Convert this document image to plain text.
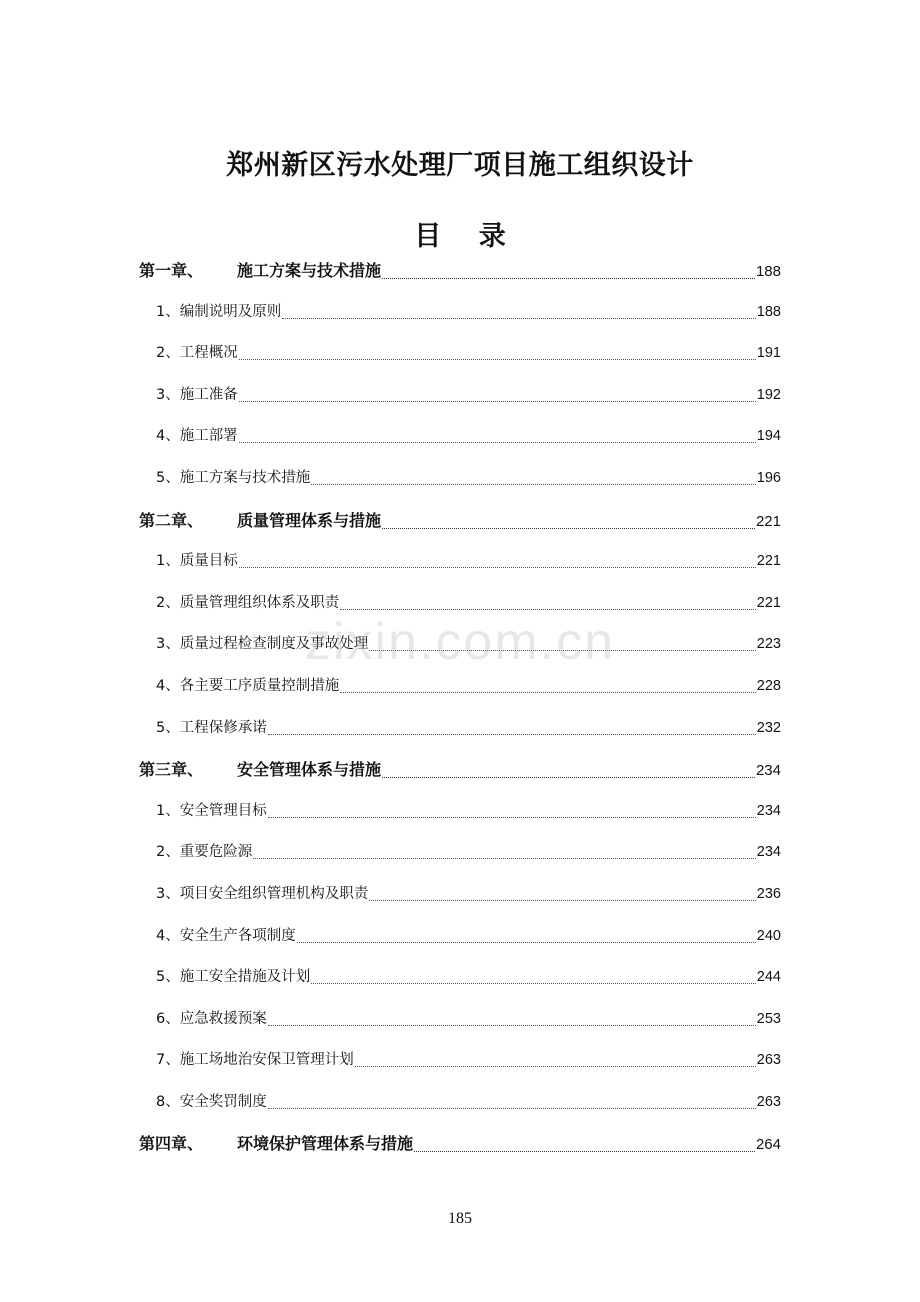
郑州新区污水处理厂项目施工组织设计
目 录
第一章、	施工方案与技术措施	188
1、编制说明及原则	188
2、工程概况	191
3、施工准备	192
4、施工部署	194
5、施工方案与技术措施	196
第二章、	质量管理体系与措施	221
1、质量目标	221
2、质量管理组织体系及职责	221
3、质量过程检查制度及事故处理	223
4、各主要工序质量控制措施	228
5、工程保修承诺	232
第三章、	安全管理体系与措施	234
1、安全管理目标	234
2、重要危险源	234
3、项目安全组织管理机构及职责	236
4、安全生产各项制度	240
5、施工安全措施及计划	244
6、应急救援预案	253
7、施工场地治安保卫管理计划	263
8、安全奖罚制度	263
第四章、	环境保护管理体系与措施	264
zixin.com.cn
185
